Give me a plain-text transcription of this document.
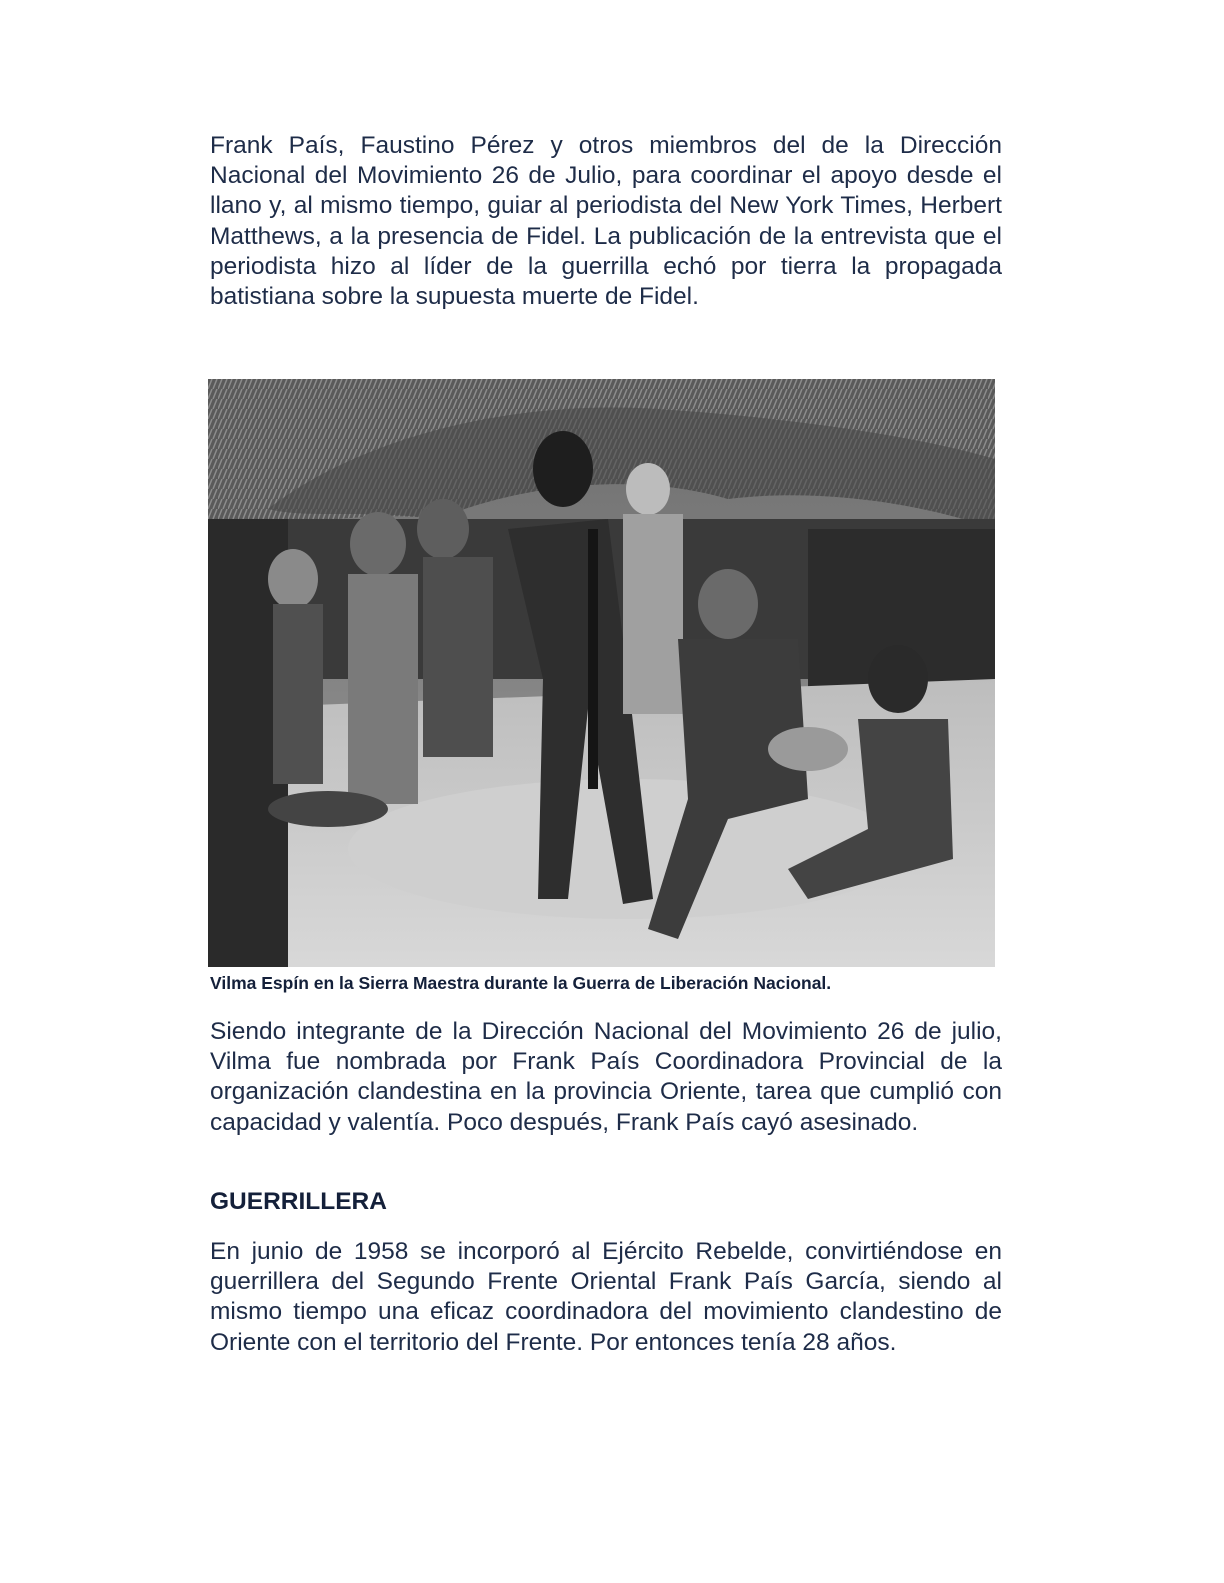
Frank País, Faustino Pérez y otros miembros del de la Dirección Nacional del Movimiento 26 de Julio, para coordinar el apoyo desde el llano y, al mismo tiempo, guiar al periodista del New York Times, Herbert Matthews, a la presencia de Fidel. La publicación de la entrevista que el periodista hizo al líder de la guerrilla echó por tierra la propagada batistiana sobre la supuesta muerte de Fidel.

Vilma Espín en la Sierra Maestra durante la Guerra de Liberación Nacional.

Siendo integrante de la Dirección Nacional del Movimiento 26 de julio, Vilma fue nombrada por Frank País Coordinadora Provincial de la organización clandestina en la provincia Oriente, tarea que cumplió con capacidad y valentía. Poco después, Frank País cayó asesinado.

GUERRILLERA

En junio de 1958 se incorporó al Ejército Rebelde, convirtiéndose en guerrillera del Segundo Frente Oriental Frank País García, siendo al mismo tiempo una eficaz coordinadora del movimiento clandestino de Oriente con el territorio del Frente. Por entonces tenía 28 años.
